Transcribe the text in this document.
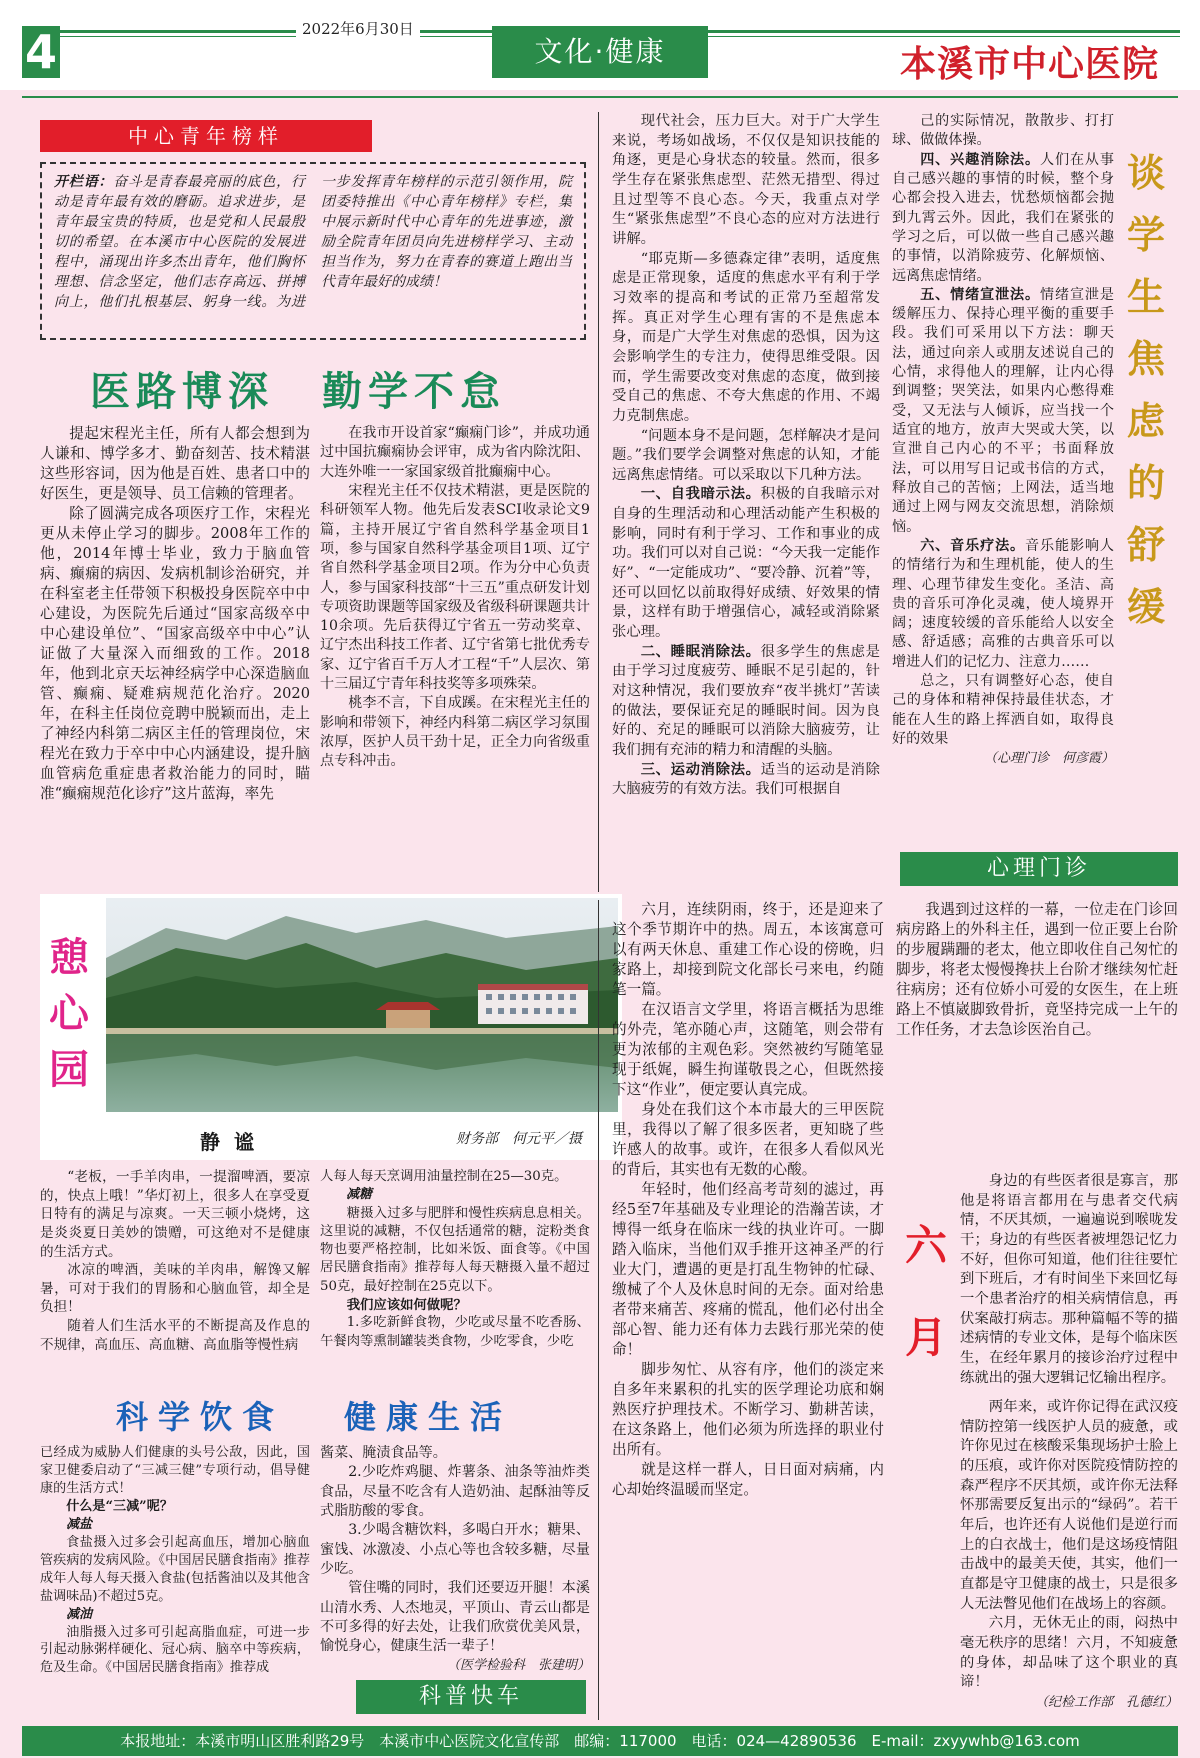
4	2022年6月30日
文化·健康	本溪市中心医院
中心青年榜样
开栏语：奋斗是青春最亮丽的底色，行动是青年最有效的磨砺。追求进步，是青年最宝贵的特质，也是党和人民最殷切的希望。在本溪市中心医院的发展进程中，涌现出许多杰出青年，他们胸怀理想、信念坚定，他们志存高远、拼搏向上，他们扎根基层、躬身一线。为进一步发挥青年榜样的示范引领作用，院团委特推出《中心青年榜样》专栏，集中展示新时代中心青年的先进事迹，激励全院青年团员向先进榜样学习、主动担当作为，努力在青春的赛道上跑出当代青年最好的成绩！
医路博深 勤学不怠

提起宋程光主任，所有人都会想到为人谦和、博学多才、勤奋刻苦、技术精湛这些形容词，因为他是百姓、患者口中的好医生，更是领导、员工信赖的管理者。

除了圆满完成各项医疗工作，宋程光更从未停止学习的脚步。2008年工作的他，2014年博士毕业，致力于脑血管病、癫痫的病因、发病机制诊治研究，并在科室老主任带领下积极投身医院卒中中心建设，为医院先后通过“国家高级卒中中心建设单位”、“国家高级卒中中心”认证做了大量深入而细致的工作。2018年，他到北京天坛神经病学中心深造脑血管、癫痫、疑难病规范化治疗。2020年，在科主任岗位竞聘中脱颖而出，走上了神经内科第二病区主任的管理岗位，宋程光在致力于卒中中心内涵建设，提升脑血管病危重症患者救治能力的同时，瞄准“癫痫规范化诊疗”这片蓝海，率先

在我市开设首家“癫痫门诊”，并成功通过中国抗癫痫协会评审，成为省内除沈阳、大连外唯一一家国家级首批癫痫中心。

宋程光主任不仅技术精湛，更是医院的科研领军人物。他先后发表SCI收录论文9篇，主持开展辽宁省自然科学基金项目1项，参与国家自然科学基金项目1项、辽宁省自然科学基金项目2项。作为分中心负责人，参与国家科技部“十三五”重点研发计划专项资助课题等国家级及省级科研课题共计10余项。先后获得辽宁省五一劳动奖章、辽宁杰出科技工作者、辽宁省第七批优秀专家、辽宁省百千万人才工程“千”人层次、第十三届辽宁青年科技奖等多项殊荣。

桃李不言，下自成蹊。在宋程光主任的影响和带领下，神经内科第二病区学习氛围浓厚，医护人员干劲十足，正全力向省级重点专科冲击。

现代社会，压力巨大。对于广大学生来说，考场如战场，不仅仅是知识技能的角逐，更是心身状态的较量。然而，很多学生存在紧张焦虑型、茫然无措型、得过且过型等不良心态。今天，我重点对学生“紧张焦虑型”不良心态的应对方法进行讲解。

“耶克斯—多德森定律”表明，适度焦虑是正常现象，适度的焦虑水平有利于学习效率的提高和考试的正常乃至超常发挥。真正对学生心理有害的不是焦虑本身，而是广大学生对焦虑的恐惧，因为这会影响学生的专注力，使得思维受限。因而，学生需要改变对焦虑的态度，做到接受自己的焦虑、不夸大焦虑的作用、不竭力克制焦虑。

“问题本身不是问题，怎样解决才是问题。”我们要学会调整对焦虑的认知，才能远离焦虑情绪。可以采取以下几种方法。

一、自我暗示法。积极的自我暗示对自身的生理活动和心理活动能产生积极的影响，同时有利于学习、工作和事业的成功。我们可以对自己说：“今天我一定能作好”、“一定能成功”、“要冷静、沉着”等，还可以回忆以前取得好成绩、好效果的情景，这样有助于增强信心，减轻或消除紧张心理。

二、睡眠消除法。很多学生的焦虑是由于学习过度疲劳、睡眠不足引起的，针对这种情况，我们要放弃“夜半挑灯”苦读的做法，要保证充足的睡眠时间。因为良好的、充足的睡眠可以消除大脑疲劳，让我们拥有充沛的精力和清醒的头脑。

三、运动消除法。适当的运动是消除大脑疲劳的有效方法。我们可根据自

己的实际情况，散散步、打打球、做做体操。

四、兴趣消除法。人们在从事自己感兴趣的事情的时候，整个身心都会投入进去，忧愁烦恼都会抛到九霄云外。因此，我们在紧张的学习之后，可以做一些自己感兴趣的事情，以消除疲劳、化解烦恼、远离焦虑情绪。

五、情绪宣泄法。情绪宣泄是缓解压力、保持心理平衡的重要手段。我们可采用以下方法：聊天法，通过向亲人或朋友述说自己的心情，求得他人的理解，让内心得到调整；哭笑法，如果内心憋得难受，又无法与人倾诉，应当找一个适宜的地方，放声大哭或大笑，以宣泄自己内心的不平；书面释放法，可以用写日记或书信的方式，释放自己的苦恼；上网法，适当地通过上网与网友交流思想，消除烦恼。

六、音乐疗法。音乐能影响人的情绪行为和生理机能，使人的生理、心理节律发生变化。圣洁、高贵的音乐可净化灵魂，使人境界开阔；速度较缓的音乐能给人以安全感、舒适感；高雅的古典音乐可以增进人们的记忆力、注意力……

总之，只有调整好心态，使自己的身体和精神保持最佳状态，才能在人生的路上挥洒自如，取得良好的效果

（心理门诊　何彦霞）
谈
学
生
焦
虑
的
舒
缓
心理门诊
憩
心
园
静谧	财务部　何元平／摄

“老板，一手羊肉串，一提溜啤酒，要凉的，快点上哦！”华灯初上，很多人在享受夏日特有的满足与凉爽。一天三顿小烧烤，这是炎炎夏日美妙的馈赠，可这绝对不是健康的生活方式。

冰凉的啤酒，美味的羊肉串，解馋又解暑，可对于我们的胃肠和心脑血管，却全是负担！

随着人们生活水平的不断提高及作息的不规律，高血压、高血糖、高血脂等慢性病

人每人每天烹调用油量控制在25—30克。

减糖

糖摄入过多与肥胖和慢性疾病息息相关。这里说的减糖，不仅包括通常的糖，淀粉类食物也要严格控制，比如米饭、面食等。《中国居民膳食指南》推荐每人每天糖摄入量不超过50克，最好控制在25克以下。

我们应该如何做呢？

1.多吃新鲜食物，少吃或尽量不吃香肠、午餐肉等熏制罐装类食物，少吃零食，少吃

科学饮食 健康生活

已经成为威胁人们健康的头号公敌，因此，国家卫健委启动了“三减三健”专项行动，倡导健康的生活方式！

什么是“三减”呢？

减盐

食盐摄入过多会引起高血压，增加心脑血管疾病的发病风险。《中国居民膳食指南》推荐成年人每人每天摄入食盐(包括酱油以及其他含盐调味品)不超过5克。

减油

油脂摄入过多可引起高脂血症，可进一步引起动脉粥样硬化、冠心病、脑卒中等疾病，危及生命。《中国居民膳食指南》推荐成

酱菜、腌渍食品等。

2.少吃炸鸡腿、炸薯条、油条等油炸类食品，尽量不吃含有人造奶油、起酥油等反式脂肪酸的零食。

3.少喝含糖饮料，多喝白开水；糖果、蜜饯、冰激凌、小点心等也含较多糖，尽量少吃。

管住嘴的同时，我们还要迈开腿！本溪山清水秀、人杰地灵，平顶山、青云山都是不可多得的好去处，让我们欣赏优美风景，愉悦身心，健康生活一辈子！

（医学检验科　张建明）
科普快车

六月，连续阴雨，终于，还是迎来了这个季节期许中的热。周五，本该寓意可以有两天休息、重建工作心设的傍晚，归家路上，却接到院文化部长弓来电，约随笔一篇。

在汉语言文学里，将语言概括为思维的外壳，笔亦随心声，这随笔，则会带有更为浓郁的主观色彩。突然被约写随笔显现于纸娓，瞬生拘谨敬畏之心，但既然接下这“作业”，便定要认真完成。

身处在我们这个本市最大的三甲医院里，我得以了解了很多医者，更知晓了些许感人的故事。或许，在很多人看似风光的背后，其实也有无数的心酸。

年轻时，他们经高考苛刻的滤过，再经5至7年基础及专业理论的浩瀚苦读，才博得一纸身在临床一线的执业许可。一脚踏入临床，当他们双手推开这神圣严的行业大门，遭遇的更是打乱生物钟的忙碌、缴械了个人及休息时间的无奈。面对给患者带来痛苦、疼痛的慌乱，他们必付出全部心智、能力还有体力去践行那光荣的使命！

脚步匆忙、从容有序，他们的淡定来自多年来累积的扎实的医学理论功底和娴熟医疗护理技术。不断学习、勤耕苦读，在这条路上，他们必须为所选择的职业付出所有。

就是这样一群人，日日面对病痛，内心却始终温暖而坚定。

我遇到过这样的一幕，一位走在门诊回病房路上的外科主任，遇到一位正要上台阶的步履蹒跚的老太，他立即收住自己匆忙的脚步，将老太慢慢搀扶上台阶才继续匆忙赶往病房；还有位娇小可爱的女医生，在上班路上不慎崴脚致骨折，竟坚持完成一上午的工作任务，才去急诊医治自己。

六
月

身边的有些医者很是寡言，那他是将语言都用在与患者交代病情，不厌其烦，一遍遍说到喉咙发干；身边的有些医者被埋怨记忆力不好，但你可知道，他们往往要忙到下班后，才有时间坐下来回忆每一个患者治疗的相关病情信息，再伏案敲打病志。那种篇幅不等的描述病情的专业文体，是每个临床医生，在经年累月的接诊治疗过程中练就出的强大逻辑记忆输出程序。

两年来，或许你记得在武汉疫情防控第一线医护人员的疲惫，或许你见过在核酸采集现场护士脸上的压痕，或许你对医院疫情防控的森严程序不厌其烦，或许你无法释怀那需要反复出示的“绿码”。若干年后，也许还有人说他们是逆行而上的白衣战士，他们是这场疫情阻击战中的最美天使，其实，他们一直都是守卫健康的战士，只是很多人无法瞥见他们在战场上的容颜。

六月，无休无止的雨，闷热中毫无秩序的思绪！六月，不知疲惫的身体，却品味了这个职业的真谛！

（纪检工作部　孔德红）
本报地址：本溪市明山区胜利路29号　本溪市中心医院文化宣传部　邮编：117000　电话：024—42890536　E-mail：zxyywhb@163.com
